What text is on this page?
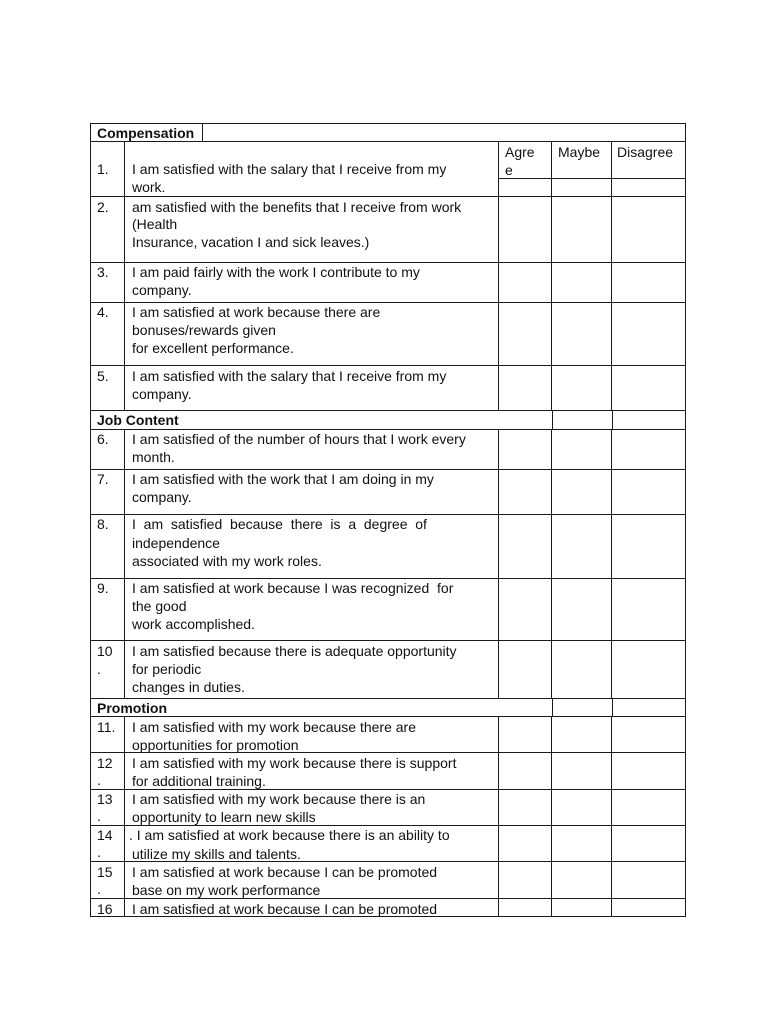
Compensation
Job Content
Promotion
Agre
e
Maybe Disagree
1. I am satisfied with the salary that I receive from my
work.
2. am satisfied with the benefits that I receive from work
(Health
Insurance, vacation I and sick leaves.)
3. I am paid fairly with the work I contribute to my
company.
4. I am satisfied at work because there are
bonuses/rewards given
for excellent performance.
5. I am satisfied with the salary that I receive from my
company.
6. I am satisfied of the number of hours that I work every
month.
7. I am satisfied with the work that I am doing in my
company.
8. I  am  satisfied  because  there  is  a  degree  of
independence
associated with my work roles.
9. I am satisfied at work because I was recognized  for
the good
work accomplished.
10
.
I am satisfied because there is adequate opportunity
for periodic
changes in duties.
11. I am satisfied with my work because there are
opportunities for promotion
12
.
I am satisfied with my work because there is support
for additional training.
13
.
I am satisfied with my work because there is an
opportunity to learn new skills
14
.
. I am satisfied at work because there is an ability to
utilize my skills and talents.
15
.
I am satisfied at work because I can be promoted
base on my work performance
16 I am satisfied at work because I can be promoted
